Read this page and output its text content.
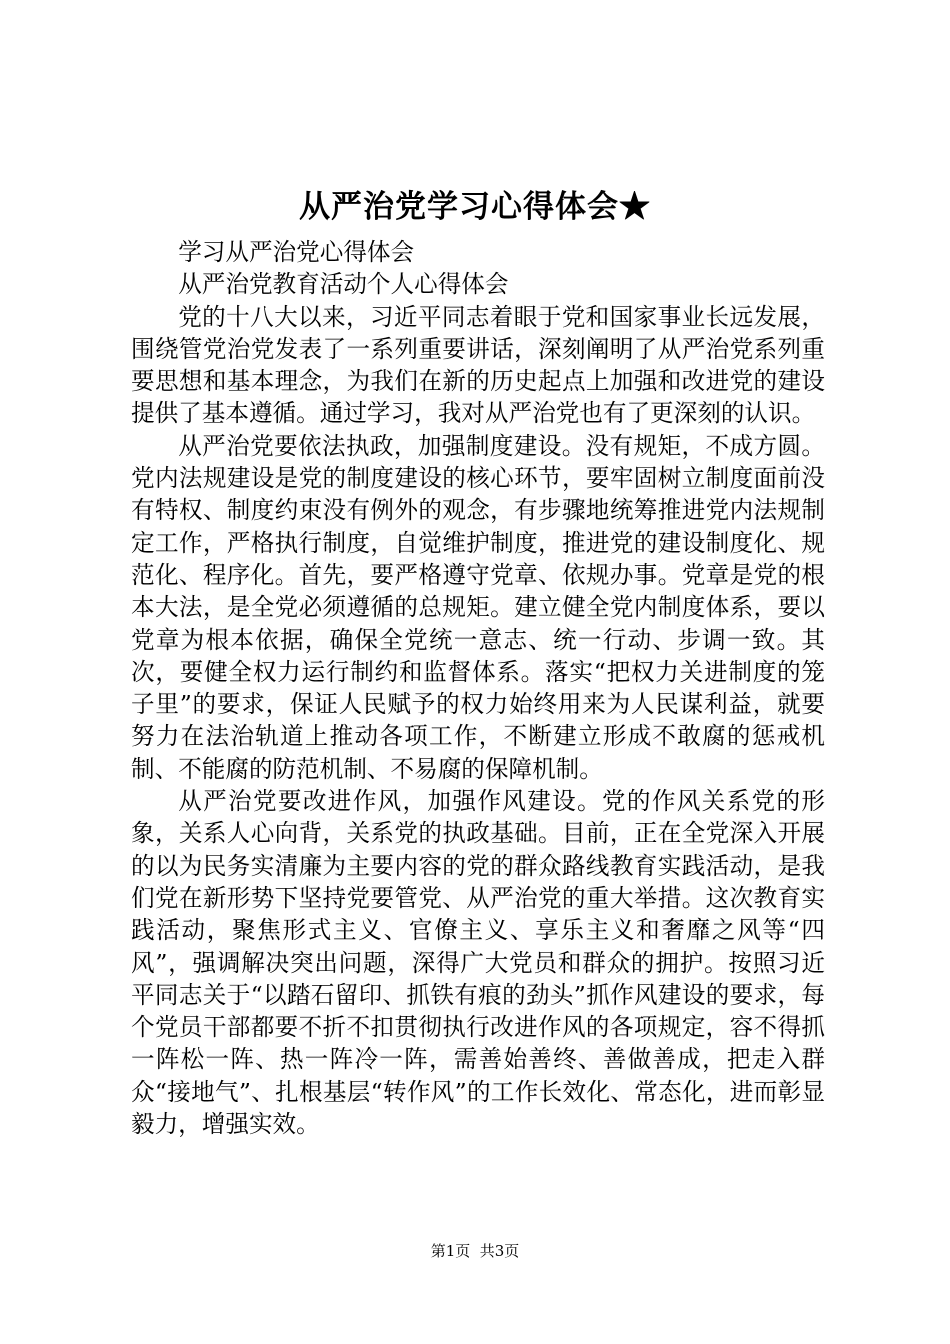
从严治党学习心得体会★

学习从严治党心得体会

从严治党教育活动个人心得体会

党的十八大以来，习近平同志着眼于党和国家事业长远发展，围绕管党治党发表了一系列重要讲话，深刻阐明了从严治党系列重要思想和基本理念，为我们在新的历史起点上加强和改进党的建设提供了基本遵循。通过学习，我对从严治党也有了更深刻的认识。

从严治党要依法执政，加强制度建设。没有规矩，不成方圆。党内法规建设是党的制度建设的核心环节，要牢固树立制度面前没有特权、制度约束没有例外的观念，有步骤地统筹推进党内法规制定工作，严格执行制度，自觉维护制度，推进党的建设制度化、规范化、程序化。首先，要严格遵守党章、依规办事。党章是党的根本大法，是全党必须遵循的总规矩。建立健全党内制度体系，要以党章为根本依据，确保全党统一意志、统一行动、步调一致。其次，要健全权力运行制约和监督体系。落实“把权力关进制度的笼子里”的要求，保证人民赋予的权力始终用来为人民谋利益，就要努力在法治轨道上推动各项工作，不断建立形成不敢腐的惩戒机制、不能腐的防范机制、不易腐的保障机制。

从严治党要改进作风，加强作风建设。党的作风关系党的形象，关系人心向背，关系党的执政基础。目前，正在全党深入开展的以为民务实清廉为主要内容的党的群众路线教育实践活动，是我们党在新形势下坚持党要管党、从严治党的重大举措。这次教育实践活动，聚焦形式主义、官僚主义、享乐主义和奢靡之风等“四风”，强调解决突出问题，深得广大党员和群众的拥护。按照习近平同志关于“以踏石留印、抓铁有痕的劲头”抓作风建设的要求，每个党员干部都要不折不扣贯彻执行改进作风的各项规定，容不得抓一阵松一阵、热一阵冷一阵，需善始善终、善做善成，把走入群众“接地气”、扎根基层“转作风”的工作长效化、常态化，进而彰显毅力，增强实效。

第1页  共3页
